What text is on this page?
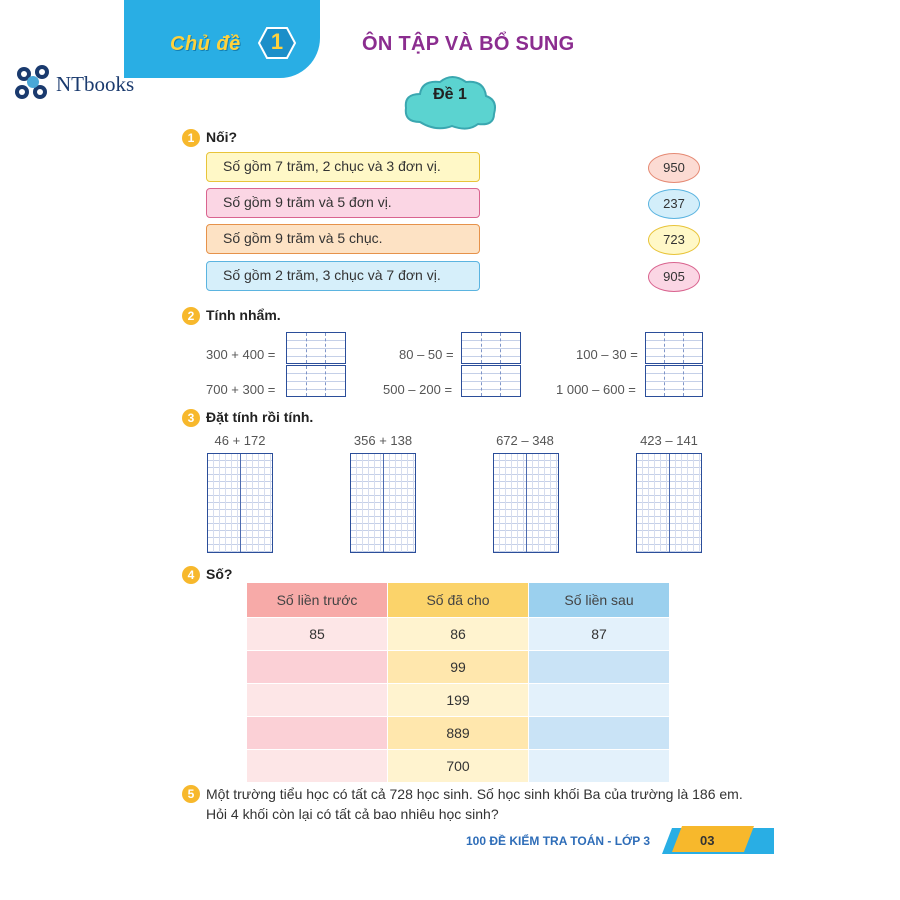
Chủ đề	1	ÔN TẬP VÀ BỔ SUNG
NTbooks	Đề 1
1 Nối?
Số gồm 7 trăm, 2 chục và 3 đơn vị.
Số gồm 9 trăm và 5 đơn vị.
Số gồm 9 trăm và 5 chục.
Số gồm 2 trăm, 3 chục và 7 đơn vị.
950
237
723
905
2 Tính nhẩm.
300 + 400 =	80 – 50 =	100 – 30 =
700 + 300 =	500 – 200 =	1 000 – 600 =
3 Đặt tính rồi tính.
46 + 172	356 + 138	672 – 348	423 – 141
4 Số?
Số liền trước	Số đã cho	Số liền sau
85	86	87
	99	
	199	
	889	
	700	
5 Một trường tiểu học có tất cả 728 học sinh. Số học sinh khối Ba của trường là 186 em. Hỏi 4 khối còn lại có tất cả bao nhiêu học sinh?
100 ĐỀ KIỂM TRA TOÁN - LỚP 3	03
